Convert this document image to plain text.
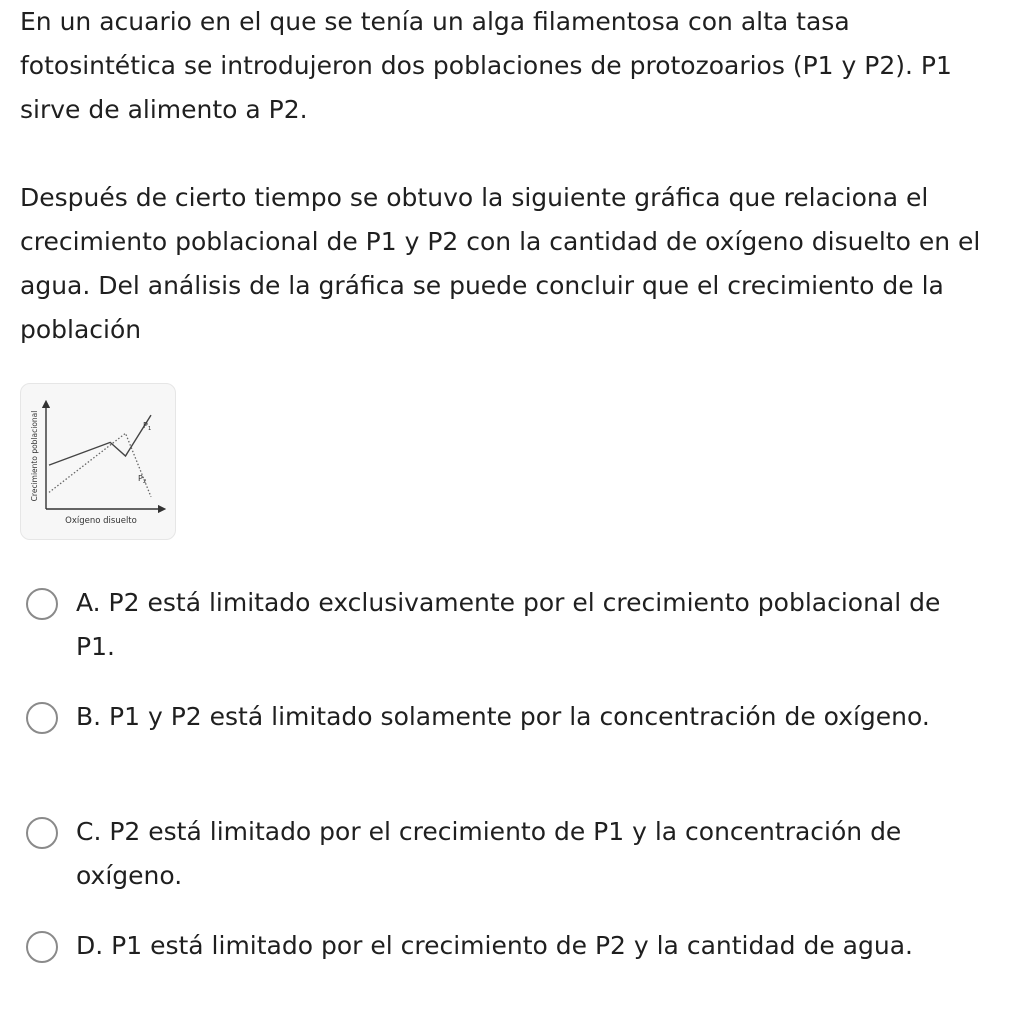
En un acuario en el que se tenía un alga filamentosa con alta tasa fotosintética se introdujeron dos poblaciones de protozoarios (P1 y P2). P1 sirve de alimento a P2.

Después de cierto tiempo se obtuvo la siguiente gráfica que relaciona el crecimiento poblacional de P1 y P2 con la cantidad de oxígeno disuelto en el agua. Del análisis de la gráfica se puede concluir que el crecimiento de la población

Crecimiento poblacional
Oxígeno disuelto
$P_1$
$P_2$
A. P2 está limitado exclusivamente por el crecimiento poblacional de P1.
B. P1 y P2 está limitado solamente por la concentración de oxígeno.
C. P2 está limitado por el crecimiento de P1 y la concentración de oxígeno.
D. P1 está limitado por el crecimiento de P2 y la cantidad de agua.
